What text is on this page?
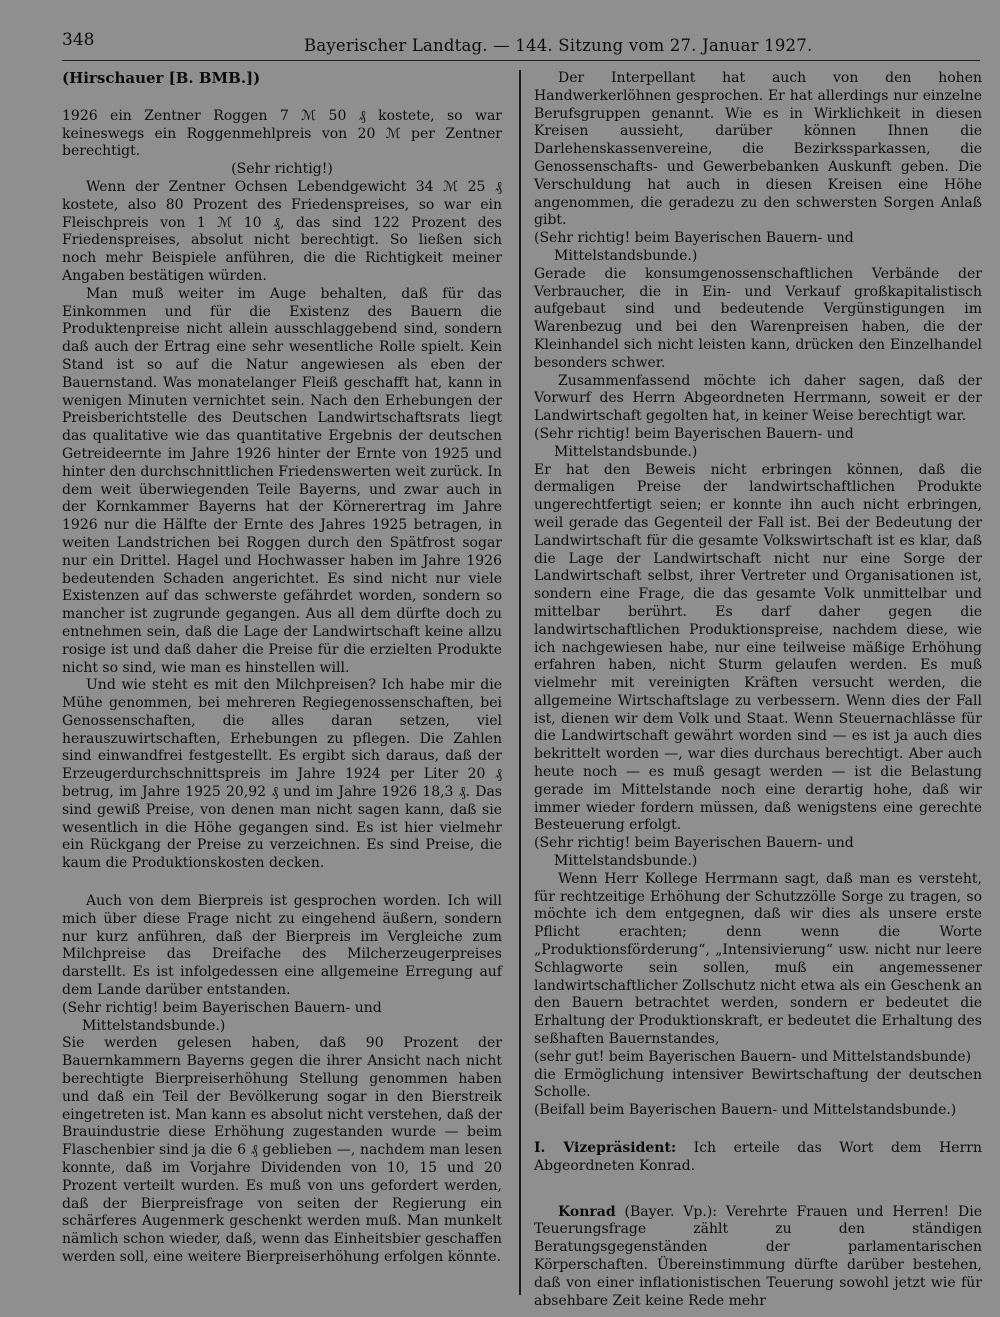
348	Bayerischer Landtag. — 144. Sitzung vom 27. Januar 1927.

(Hirschauer [B. BMB.])

1926 ein Zentner Roggen 7 ℳ 50 ₰ kostete, so war keineswegs ein Roggenmehlpreis von 20 ℳ per Zentner berechtigt.

(Sehr richtig!)

Wenn der Zentner Ochsen Lebendgewicht 34 ℳ 25 ₰ kostete, also 80 Prozent des Friedenspreises, so war ein Fleischpreis von 1 ℳ 10 ₰, das sind 122 Prozent des Friedenspreises, absolut nicht berechtigt. So ließen sich noch mehr Beispiele anführen, die die Richtigkeit meiner Angaben bestätigen würden.

Man muß weiter im Auge behalten, daß für das Einkommen und für die Existenz des Bauern die Produktenpreise nicht allein ausschlaggebend sind, sondern daß auch der Ertrag eine sehr wesentliche Rolle spielt. Kein Stand ist so auf die Natur angewiesen als eben der Bauernstand. Was monatelanger Fleiß geschafft hat, kann in wenigen Minuten vernichtet sein. Nach den Erhebungen der Preisberichtstelle des Deutschen Landwirtschaftsrats liegt das qualitative wie das quantitative Ergebnis der deutschen Getreideernte im Jahre 1926 hinter der Ernte von 1925 und hinter den durchschnittlichen Friedenswerten weit zurück. In dem weit überwiegenden Teile Bayerns, und zwar auch in der Kornkammer Bayerns hat der Körnerertrag im Jahre 1926 nur die Hälfte der Ernte des Jahres 1925 betragen, in weiten Landstrichen bei Roggen durch den Spätfrost sogar nur ein Drittel. Hagel und Hochwasser haben im Jahre 1926 bedeutenden Schaden angerichtet. Es sind nicht nur viele Existenzen auf das schwerste gefährdet worden, sondern so mancher ist zugrunde gegangen. Aus all dem dürfte doch zu entnehmen sein, daß die Lage der Landwirtschaft keine allzu rosige ist und daß daher die Preise für die erzielten Produkte nicht so sind, wie man es hinstellen will.

Und wie steht es mit den Milchpreisen? Ich habe mir die Mühe genommen, bei mehreren Regiegenossenschaften, bei Genossenschaften, die alles daran setzen, viel herauszuwirtschaften, Erhebungen zu pflegen. Die Zahlen sind einwandfrei festgestellt. Es ergibt sich daraus, daß der Erzeugerdurchschnittspreis im Jahre 1924 per Liter 20 ₰ betrug, im Jahre 1925 20,92 ₰ und im Jahre 1926 18,3 ₰. Das sind gewiß Preise, von denen man nicht sagen kann, daß sie wesentlich in die Höhe gegangen sind. Es ist hier vielmehr ein Rückgang der Preise zu verzeichnen. Es sind Preise, die kaum die Produktionskosten decken.

Auch von dem Bierpreis ist gesprochen worden. Ich will mich über diese Frage nicht zu eingehend äußern, sondern nur kurz anführen, daß der Bierpreis im Vergleiche zum Milchpreise das Dreifache des Milcherzeugerpreises darstellt. Es ist infolgedessen eine allgemeine Erregung auf dem Lande darüber entstanden.

(Sehr richtig! beim Bayerischen Bauern- und Mittelstandsbunde.)

Sie werden gelesen haben, daß 90 Prozent der Bauernkammern Bayerns gegen die ihrer Ansicht nach nicht berechtigte Bierpreiserhöhung Stellung genommen haben und daß ein Teil der Bevölkerung sogar in den Bierstreik eingetreten ist. Man kann es absolut nicht verstehen, daß der Brauindustrie diese Erhöhung zugestanden wurde — beim Flaschenbier sind ja die 6 ₰ geblieben —, nachdem man lesen konnte, daß im Vorjahre Dividenden von 10, 15 und 20 Prozent verteilt wurden. Es muß von uns gefordert werden, daß der Bierpreisfrage von seiten der Regierung ein schärferes Augenmerk geschenkt werden muß. Man munkelt nämlich schon wieder, daß, wenn das Einheitsbier geschaffen werden soll, eine weitere Bierpreiserhöhung erfolgen könnte.

Der Interpellant hat auch von den hohen Handwerkerlöhnen gesprochen. Er hat allerdings nur einzelne Berufsgruppen genannt. Wie es in Wirklichkeit in diesen Kreisen aussieht, darüber können Ihnen die Darlehenskassenvereine, die Bezirkssparkassen, die Genossenschafts- und Gewerbebanken Auskunft geben. Die Verschuldung hat auch in diesen Kreisen eine Höhe angenommen, die geradezu zu den schwersten Sorgen Anlaß gibt.

(Sehr richtig! beim Bayerischen Bauern- und Mittelstandsbunde.)

Gerade die konsumgenossenschaftlichen Verbände der Verbraucher, die in Ein- und Verkauf großkapitalistisch aufgebaut sind und bedeutende Vergünstigungen im Warenbezug und bei den Warenpreisen haben, die der Kleinhandel sich nicht leisten kann, drücken den Einzelhandel besonders schwer.

Zusammenfassend möchte ich daher sagen, daß der Vorwurf des Herrn Abgeordneten Herrmann, soweit er der Landwirtschaft gegolten hat, in keiner Weise berechtigt war.

(Sehr richtig! beim Bayerischen Bauern- und Mittelstandsbunde.)

Er hat den Beweis nicht erbringen können, daß die dermaligen Preise der landwirtschaftlichen Produkte ungerechtfertigt seien; er konnte ihn auch nicht erbringen, weil gerade das Gegenteil der Fall ist. Bei der Bedeutung der Landwirtschaft für die gesamte Volkswirtschaft ist es klar, daß die Lage der Landwirtschaft nicht nur eine Sorge der Landwirtschaft selbst, ihrer Vertreter und Organisationen ist, sondern eine Frage, die das gesamte Volk unmittelbar und mittelbar berührt. Es darf daher gegen die landwirtschaftlichen Produktionspreise, nachdem diese, wie ich nachgewiesen habe, nur eine teilweise mäßige Erhöhung erfahren haben, nicht Sturm gelaufen werden. Es muß vielmehr mit vereinigten Kräften versucht werden, die allgemeine Wirtschaftslage zu verbessern. Wenn dies der Fall ist, dienen wir dem Volk und Staat. Wenn Steuernachlässe für die Landwirtschaft gewährt worden sind — es ist ja auch dies bekrittelt worden —, war dies durchaus berechtigt. Aber auch heute noch — es muß gesagt werden — ist die Belastung gerade im Mittelstande noch eine derartig hohe, daß wir immer wieder fordern müssen, daß wenigstens eine gerechte Besteuerung erfolgt.

(Sehr richtig! beim Bayerischen Bauern- und Mittelstandsbunde.)

Wenn Herr Kollege Herrmann sagt, daß man es versteht, für rechtzeitige Erhöhung der Schutzzölle Sorge zu tragen, so möchte ich dem entgegnen, daß wir dies als unsere erste Pflicht erachten; denn wenn die Worte „Produktionsförderung“, „Intensivierung“ usw. nicht nur leere Schlagworte sein sollen, muß ein angemessener landwirtschaftlicher Zollschutz nicht etwa als ein Geschenk an den Bauern betrachtet werden, sondern er bedeutet die Erhaltung der Produktionskraft, er bedeutet die Erhaltung des seßhaften Bauernstandes,

(sehr gut! beim Bayerischen Bauern- und Mittelstandsbunde)

die Ermöglichung intensiver Bewirtschaftung der deutschen Scholle.

(Beifall beim Bayerischen Bauern- und Mittelstandsbunde.)

I. Vizepräsident: Ich erteile das Wort dem Herrn Abgeordneten Konrad.

Konrad (Bayer. Vp.): Verehrte Frauen und Herren! Die Teuerungsfrage zählt zu den ständigen Beratungsgegenständen der parlamentarischen Körperschaften. Übereinstimmung dürfte darüber bestehen, daß von einer inflationistischen Teuerung sowohl jetzt wie für absehbare Zeit keine Rede mehr
